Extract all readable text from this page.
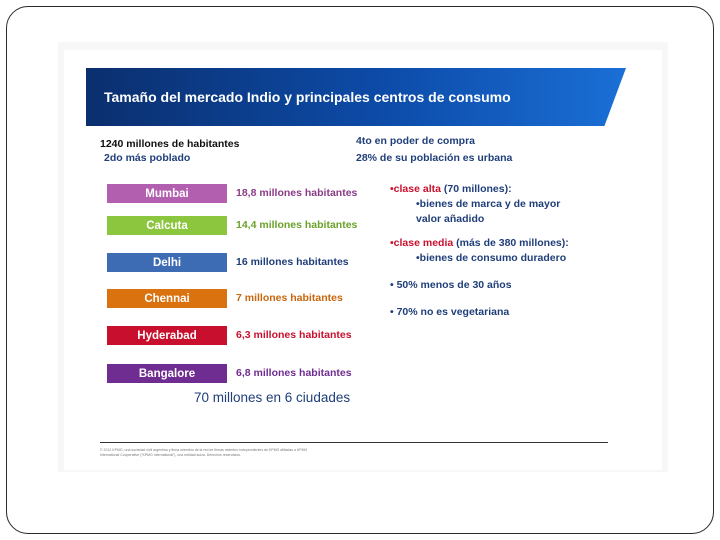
Tamaño del mercado Indio y principales centros de consumo
1240 millones de habitantes
2do más poblado
4to en poder de compra
28% de su población es urbana
Mumbai	18,8 millones habitantes
Calcuta	14,4 millones habitantes
Delhi	16 millones habitantes
Chennai	7 millones habitantes
Hyderabad	6,3 millones habitantes
Bangalore	6,8 millones habitantes
•clase alta (70 millones):
•bienes de marca y de mayor
valor añadido
•clase media (más de 380 millones):
•bienes de consumo duradero
• 50% menos de 30 años
• 70% no es vegetariana
70 millones en 6 ciudades
© 2012 KPMG, una sociedad civil argentina y firma miembro de la red de firmas miembro independientes de KPMG afiliadas a KPMG International Cooperative ("KPMG International"), una entidad suiza. Derechos reservados.
